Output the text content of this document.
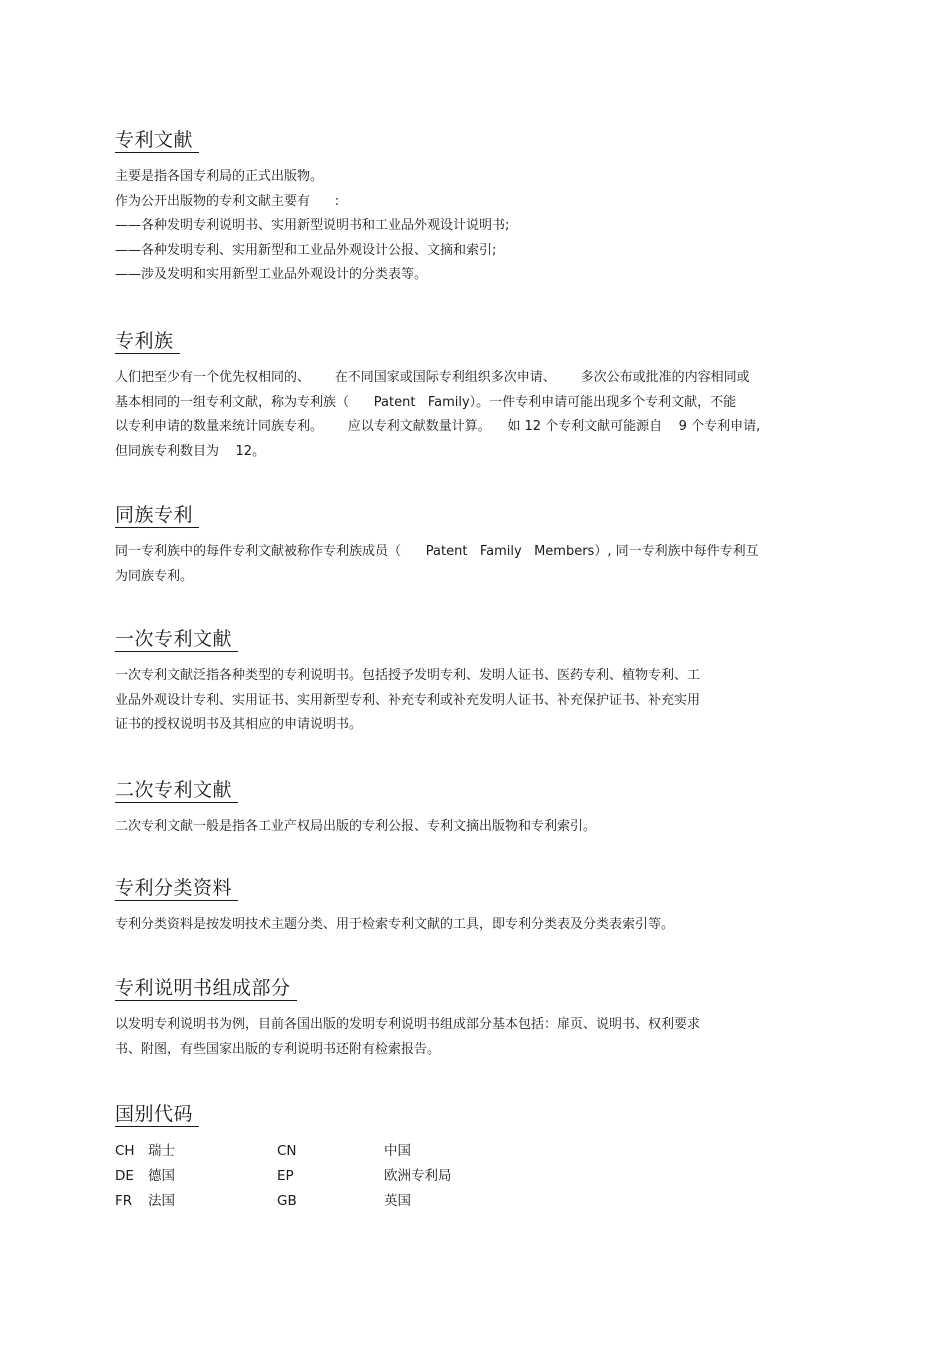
专利文献
主要是指各国专利局的正式出版物。
作为公开出版物的专利文献主要有      :
——各种发明专利说明书、实用新型说明书和工业品外观设计说明书;
——各种发明专利、实用新型和工业品外观设计公报、文摘和索引;
——涉及发明和实用新型工业品外观设计的分类表等。
专利族
人们把至少有一个优先权相同的、      在不同国家或国际专利组织多次申请、      多次公布或批准的内容相同或
基本相同的一组专利文献，称为专利族（      Patent   Family）。一件专利申请可能出现多个专利文献，不能
以专利申请的数量来统计同族专利。      应以专利文献数量计算。    如 12 个专利文献可能源自    9 个专利申请,
但同族专利数目为    12。
同族专利
同一专利族中的每件专利文献被称作专利族成员（      Patent   Family   Members）, 同一专利族中每件专利互
为同族专利。
一次专利文献
一次专利文献泛指各种类型的专利说明书。包括授予发明专利、发明人证书、医药专利、植物专利、工
业品外观设计专利、实用证书、实用新型专利、补充专利或补充发明人证书、补充保护证书、补充实用
证书的授权说明书及其相应的申请说明书。
二次专利文献
二次专利文献一般是指各工业产权局出版的专利公报、专利文摘出版物和专利索引。
专利分类资料
专利分类资料是按发明技术主题分类、用于检索专利文献的工具，即专利分类表及分类表索引等。
专利说明书组成部分
以发明专利说明书为例，目前各国出版的发明专利说明书组成部分基本包括：扉页、说明书、权利要求
书、附图，有些国家出版的专利说明书还附有检索报告。
国别代码
CH 瑞士	CN	中国
DE 德国	EP	欧洲专利局
FR 法国	GB	英国
